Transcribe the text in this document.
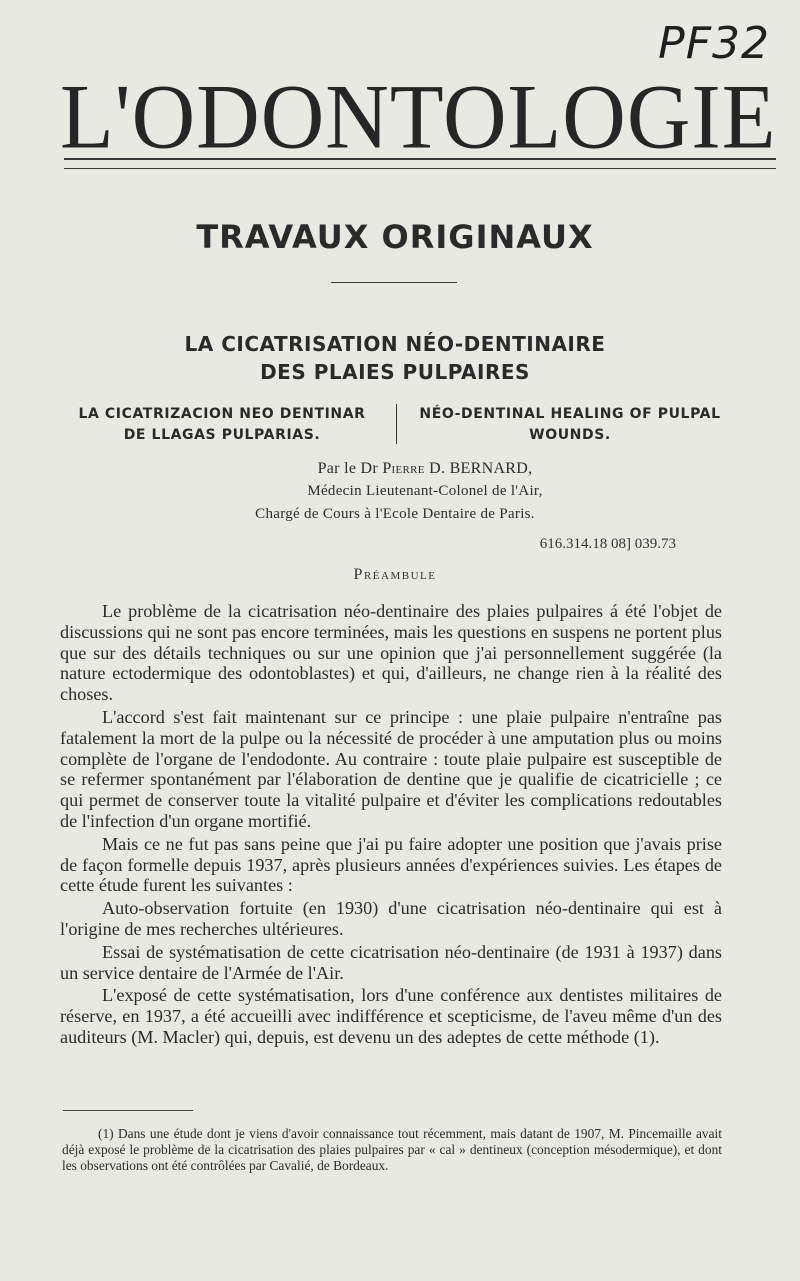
PF32
L'ODONTOLOGIE
TRAVAUX ORIGINAUX
LA CICATRISATION NÉO-DENTINAIRE
DES PLAIES PULPAIRES
LA CICATRIZACION NEO DENTINAR
DE LLAGAS PULPARIAS.
NÉO-DENTINAL HEALING OF PULPAL
WOUNDS.
Par le Dr Pierre D. BERNARD,
Médecin Lieutenant-Colonel de l'Air,
Chargé de Cours à l'Ecole Dentaire de Paris.
616.314.18 08] 039.73
Préambule

Le problème de la cicatrisation néo-dentinaire des plaies pulpaires á été l'objet de discussions qui ne sont pas encore terminées, mais les questions en suspens ne portent plus que sur des détails techniques ou sur une opinion que j'ai personnellement suggérée (la nature ectodermique des odontoblastes) et qui, d'ailleurs, ne change rien à la réalité des choses.

L'accord s'est fait maintenant sur ce principe : une plaie pulpaire n'entraîne pas fatalement la mort de la pulpe ou la nécessité de procéder à une amputation plus ou moins complète de l'organe de l'endodonte. Au contraire : toute plaie pulpaire est susceptible de se refermer spontanément par l'élaboration de dentine que je qualifie de cicatricielle ; ce qui permet de conserver toute la vitalité pulpaire et d'éviter les complications redoutables de l'infection d'un organe mortifié.

Mais ce ne fut pas sans peine que j'ai pu faire adopter une position que j'avais prise de façon formelle depuis 1937, après plusieurs années d'expériences suivies. Les étapes de cette étude furent les suivantes :

Auto-observation fortuite (en 1930) d'une cicatrisation néo-dentinaire qui est à l'origine de mes recherches ultérieures.

Essai de systématisation de cette cicatrisation néo-dentinaire (de 1931 à 1937) dans un service dentaire de l'Armée de l'Air.

L'exposé de cette systématisation, lors d'une conférence aux dentistes militaires de réserve, en 1937, a été accueilli avec indifférence et scepticisme, de l'aveu même d'un des auditeurs (M. Macler) qui, depuis, est devenu un des adeptes de cette méthode (1).

(1) Dans une étude dont je viens d'avoir connaissance tout récemment, mais datant de 1907, M. Pincemaille avait déjà exposé le problème de la cicatrisation des plaies pulpaires par « cal » dentineux (conception mésodermique), et dont les observations ont été contrôlées par Cavalié, de Bordeaux.
